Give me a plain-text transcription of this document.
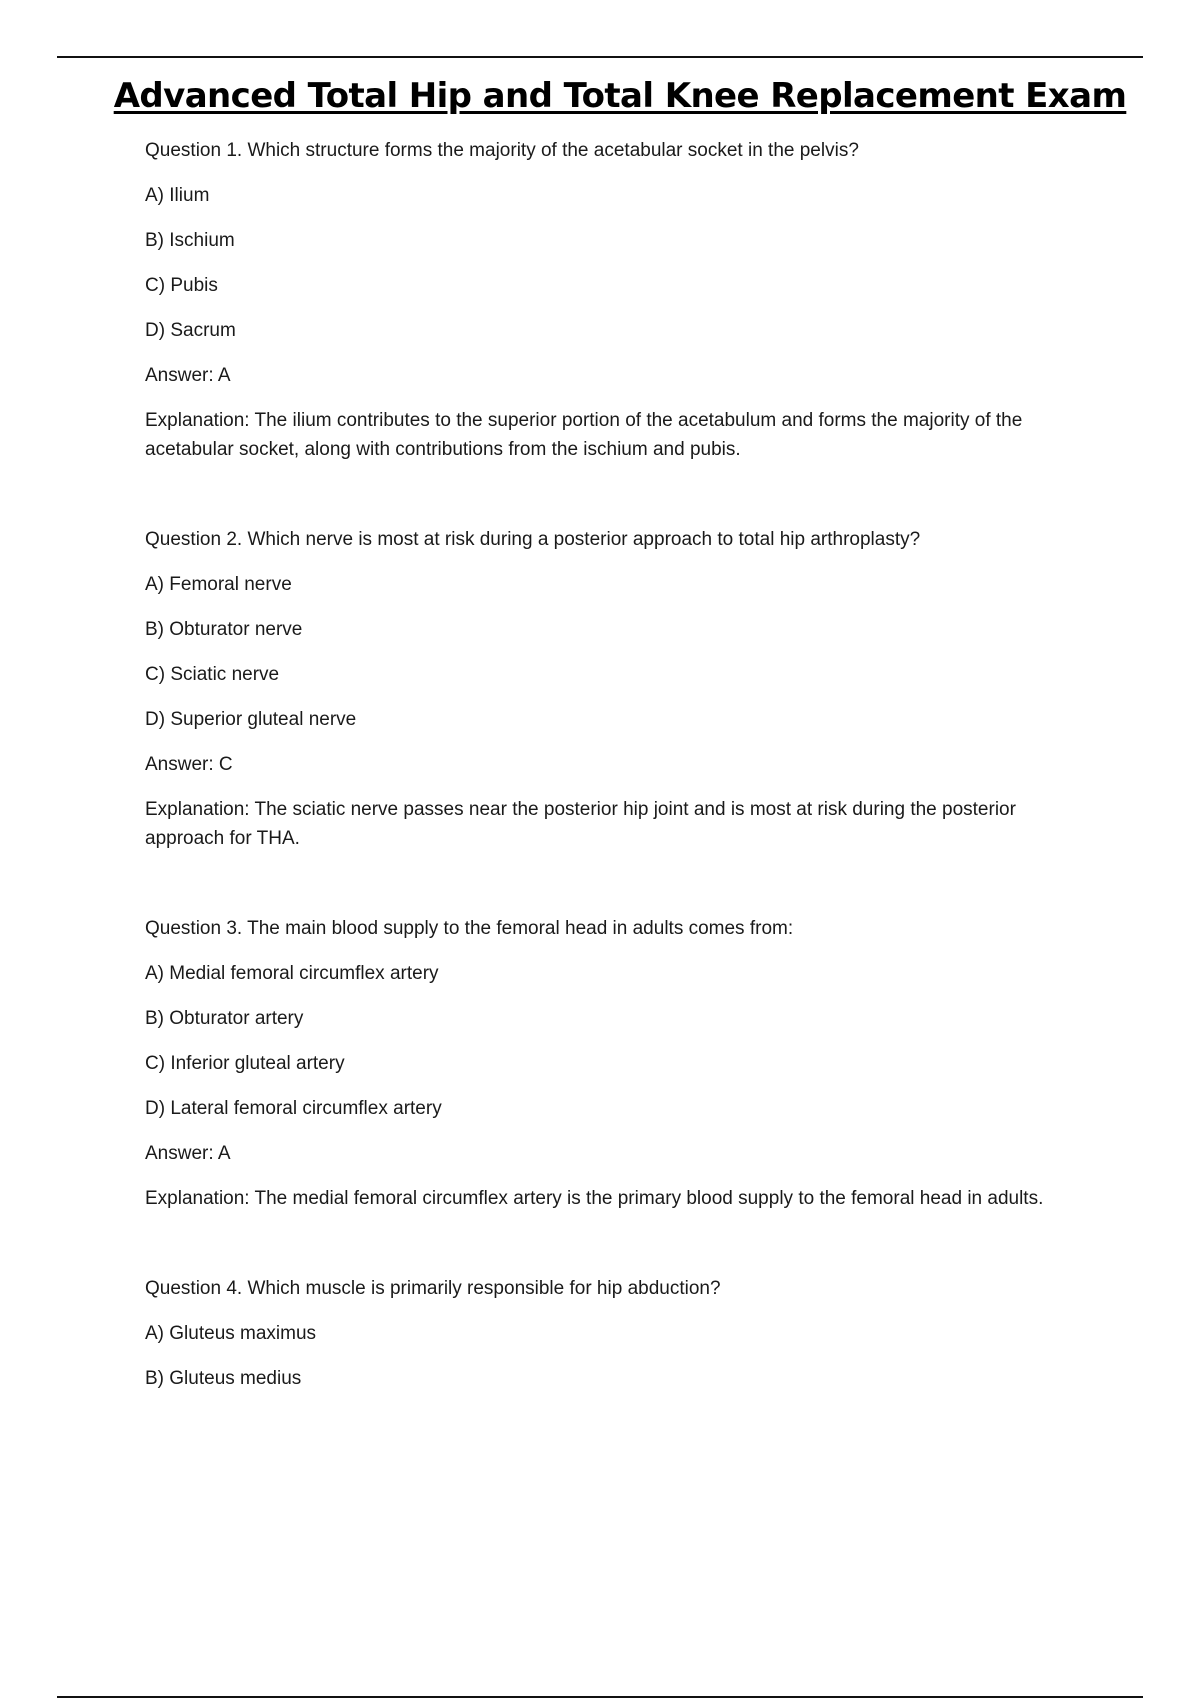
Advanced Total Hip and Total Knee Replacement Exam

Question 1. Which structure forms the majority of the acetabular socket in the pelvis?

A) Ilium

B) Ischium

C) Pubis

D) Sacrum

Answer: A

Explanation: The ilium contributes to the superior portion of the acetabulum and forms the majority of the acetabular socket, along with contributions from the ischium and pubis.

Question 2. Which nerve is most at risk during a posterior approach to total hip arthroplasty?

A) Femoral nerve

B) Obturator nerve

C) Sciatic nerve

D) Superior gluteal nerve

Answer: C

Explanation: The sciatic nerve passes near the posterior hip joint and is most at risk during the posterior approach for THA.

Question 3. The main blood supply to the femoral head in adults comes from:

A) Medial femoral circumflex artery

B) Obturator artery

C) Inferior gluteal artery

D) Lateral femoral circumflex artery

Answer: A

Explanation: The medial femoral circumflex artery is the primary blood supply to the femoral head in adults.

Question 4. Which muscle is primarily responsible for hip abduction?

A) Gluteus maximus

B) Gluteus medius
